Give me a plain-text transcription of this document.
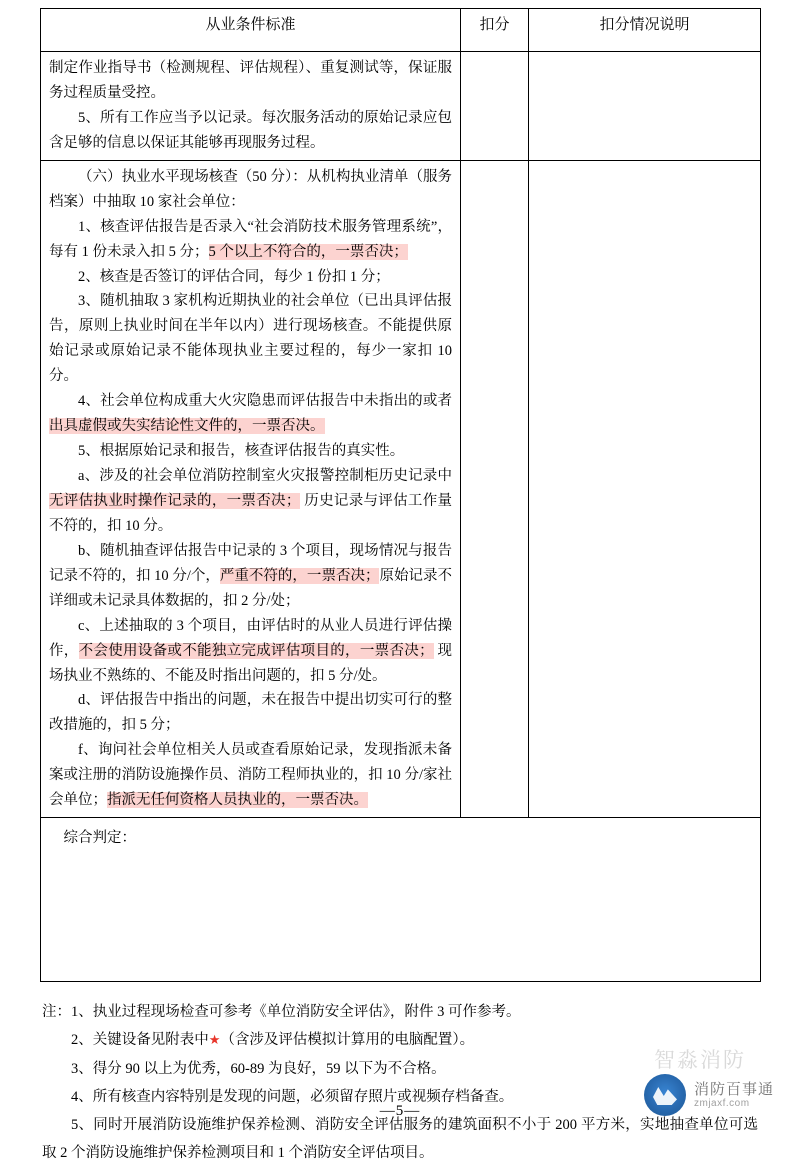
从业条件标准	扣分	扣分情况说明

制定作业指导书（检测规程、评估规程）、重复测试等，保证服务过程质量受控。

5、所有工作应当予以记录。每次服务活动的原始记录应包含足够的信息以保证其能够再现服务过程。		

（六）执业水平现场核查（50 分）：从机构执业清单（服务档案）中抽取 10 家社会单位：

1、核查评估报告是否录入“社会消防技术服务管理系统”，每有 1 份未录入扣 5 分；5 个以上不符合的，一票否决；

2、核查是否签订的评估合同，每少 1 份扣 1 分；

3、随机抽取 3 家机构近期执业的社会单位（已出具评估报告，原则上执业时间在半年以内）进行现场核查。不能提供原始记录或原始记录不能体现执业主要过程的，每少一家扣 10 分。

4、社会单位构成重大火灾隐患而评估报告中未指出的或者出具虚假或失实结论性文件的，一票否决。

5、根据原始记录和报告，核查评估报告的真实性。

a、涉及的社会单位消防控制室火灾报警控制柜历史记录中无评估执业时操作记录的，一票否决； 历史记录与评估工作量不符的，扣 10 分。

b、随机抽查评估报告中记录的 3 个项目，现场情况与报告记录不符的，扣 10 分/个，严重不符的，一票否决；原始记录不详细或未记录具体数据的，扣 2 分/处；

c、上述抽取的 3 个项目，由评估时的从业人员进行评估操作，不会使用设备或不能独立完成评估项目的，一票否决； 现场执业不熟练的、不能及时指出问题的，扣 5 分/处。

d、评估报告中指出的问题，未在报告中提出切实可行的整改措施的，扣 5 分；

f、询问社会单位相关人员或查看原始记录，发现指派未备案或注册的消防设施操作员、消防工程师执业的，扣 10 分/家社会单位；指派无任何资格人员执业的，一票否决。

综合判定：		

注：1、执业过程现场检查可参考《单位消防安全评估》，附件 3 可作参考。

2、关键设备见附表中★（含涉及评估模拟计算用的电脑配置）。

3、得分 90 以上为优秀，60-89 为良好，59 以下为不合格。

4、所有核查内容特别是发现的问题，必须留存照片或视频存档备查。

5、同时开展消防设施维护保养检测、消防安全评估服务的建筑面积不小于 200 平方米，实地抽查单位可选取 2 个消防设施维护保养检测项目和 1 个消防安全评估项目。

智淼消防
—5—
消防百事通
zmjaxf.com
